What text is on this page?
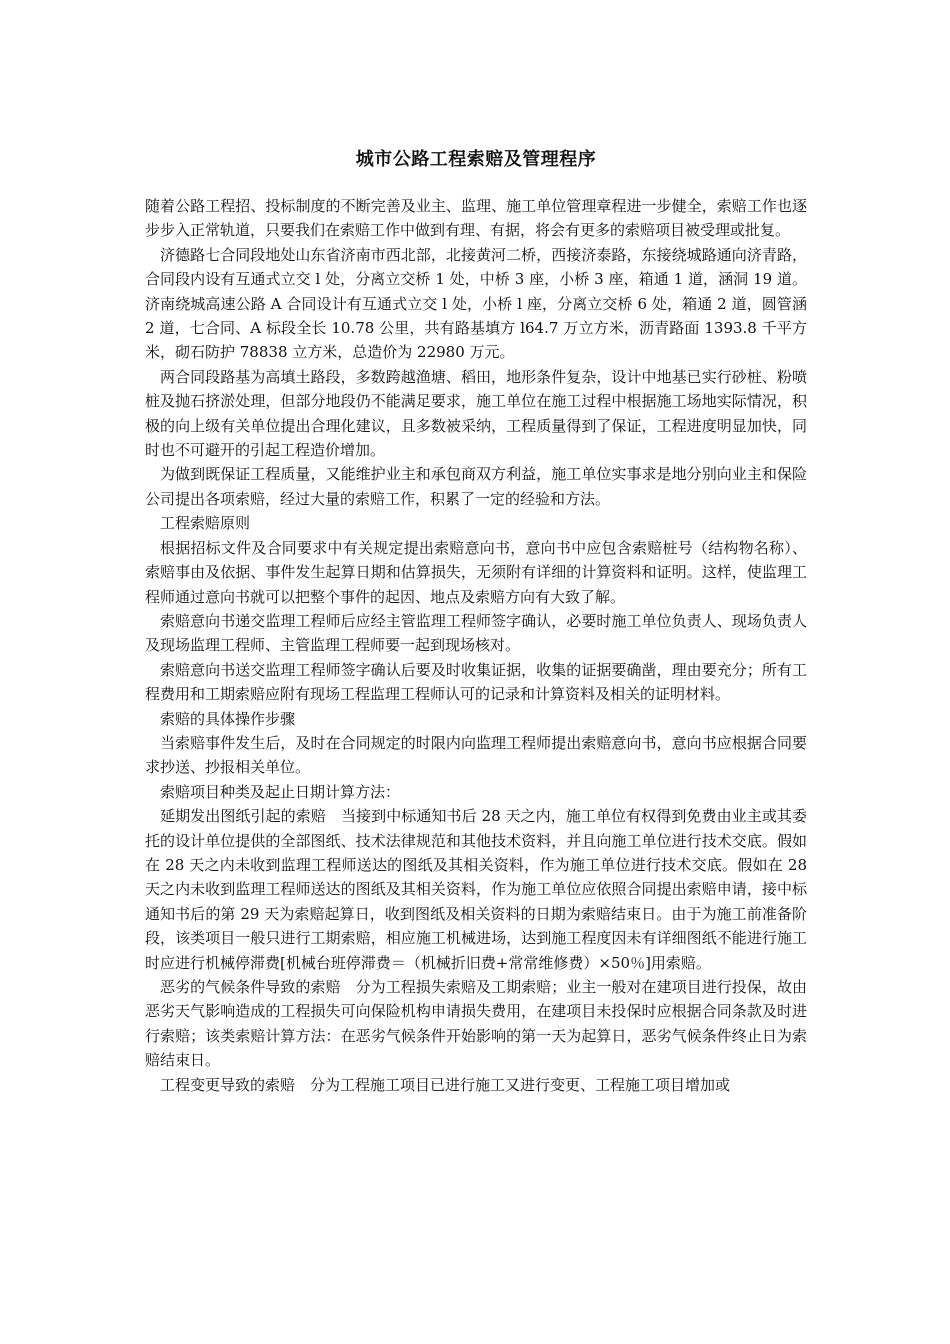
城市公路工程索赔及管理程序

随着公路工程招、投标制度的不断完善及业主、监理、施工单位管理章程进一步健全，索赔工作也逐步步入正常轨道，只要我们在索赔工作中做到有理、有据，将会有更多的索赔项目被受理或批复。

济德路七合同段地处山东省济南市西北部，北接黄河二桥，西接济泰路，东接绕城路通向济青路，合同段内设有互通式立交 l 处，分离立交桥 1 处，中桥 3 座，小桥 3 座，箱通 1 道，涵洞 19 道。济南绕城高速公路 A 合同设计有互通式立交 l 处，小桥 l 座，分离立交桥 6 处，箱通 2 道，圆管涵 2 道，七合同、A 标段全长 10.78 公里，共有路基填方 l64.7 万立方米，沥青路面 1393.8 千平方米，砌石防护 78838 立方米，总造价为 22980 万元。

两合同段路基为高填土路段，多数跨越渔塘、稻田，地形条件复杂，设计中地基已实行砂桩、粉喷桩及抛石挤淤处理，但部分地段仍不能满足要求，施工单位在施工过程中根据施工场地实际情况，积极的向上级有关单位提出合理化建议，且多数被采纳，工程质量得到了保证，工程进度明显加快，同时也不可避开的引起工程造价增加。

为做到既保证工程质量，又能维护业主和承包商双方利益，施工单位实事求是地分别向业主和保险公司提出各项索赔，经过大量的索赔工作，积累了一定的经验和方法。

工程索赔原则

根据招标文件及合同要求中有关规定提出索赔意向书，意向书中应包含索赔桩号（结构物名称）、索赔事由及依据、事件发生起算日期和估算损失，无须附有详细的计算资料和证明。这样，使监理工程师通过意向书就可以把整个事件的起因、地点及索赔方向有大致了解。

索赔意向书递交监理工程师后应经主管监理工程师签字确认，必要时施工单位负责人、现场负责人及现场监理工程师、主管监理工程师要一起到现场核对。

索赔意向书送交监理工程师签字确认后要及时收集证据，收集的证据要确凿，理由要充分；所有工程费用和工期索赔应附有现场工程监理工程师认可的记录和计算资料及相关的证明材料。

索赔的具体操作步骤

当索赔事件发生后，及时在合同规定的时限内向监理工程师提出索赔意向书，意向书应根据合同要求抄送、抄报相关单位。

索赔项目种类及起止日期计算方法：

延期发出图纸引起的索赔　当接到中标通知书后 28 天之内，施工单位有权得到免费由业主或其委托的设计单位提供的全部图纸、技术法律规范和其他技术资料，并且向施工单位进行技术交底。假如在 28 天之内未收到监理工程师送达的图纸及其相关资料，作为施工单位进行技术交底。假如在 28 天之内未收到监理工程师送达的图纸及其相关资料，作为施工单位应依照合同提出索赔申请，接中标通知书后的第 29 天为索赔起算日，收到图纸及相关资料的日期为索赔结束日。由于为施工前准备阶段，该类项目一般只进行工期索赔，相应施工机械进场，达到施工程度因未有详细图纸不能进行施工时应进行机械停滞费[机械台班停滞费＝（机械折旧费+常常维修费）×50％]用索赔。

恶劣的气候条件导致的索赔　分为工程损失索赔及工期索赔；业主一般对在建项目进行投保，故由恶劣天气影响造成的工程损失可向保险机构申请损失费用，在建项目未投保时应根据合同条款及时进行索赔；该类索赔计算方法：在恶劣气候条件开始影响的第一天为起算日，恶劣气候条件终止日为索赔结束日。

工程变更导致的索赔　分为工程施工项目已进行施工又进行变更、工程施工项目增加或
